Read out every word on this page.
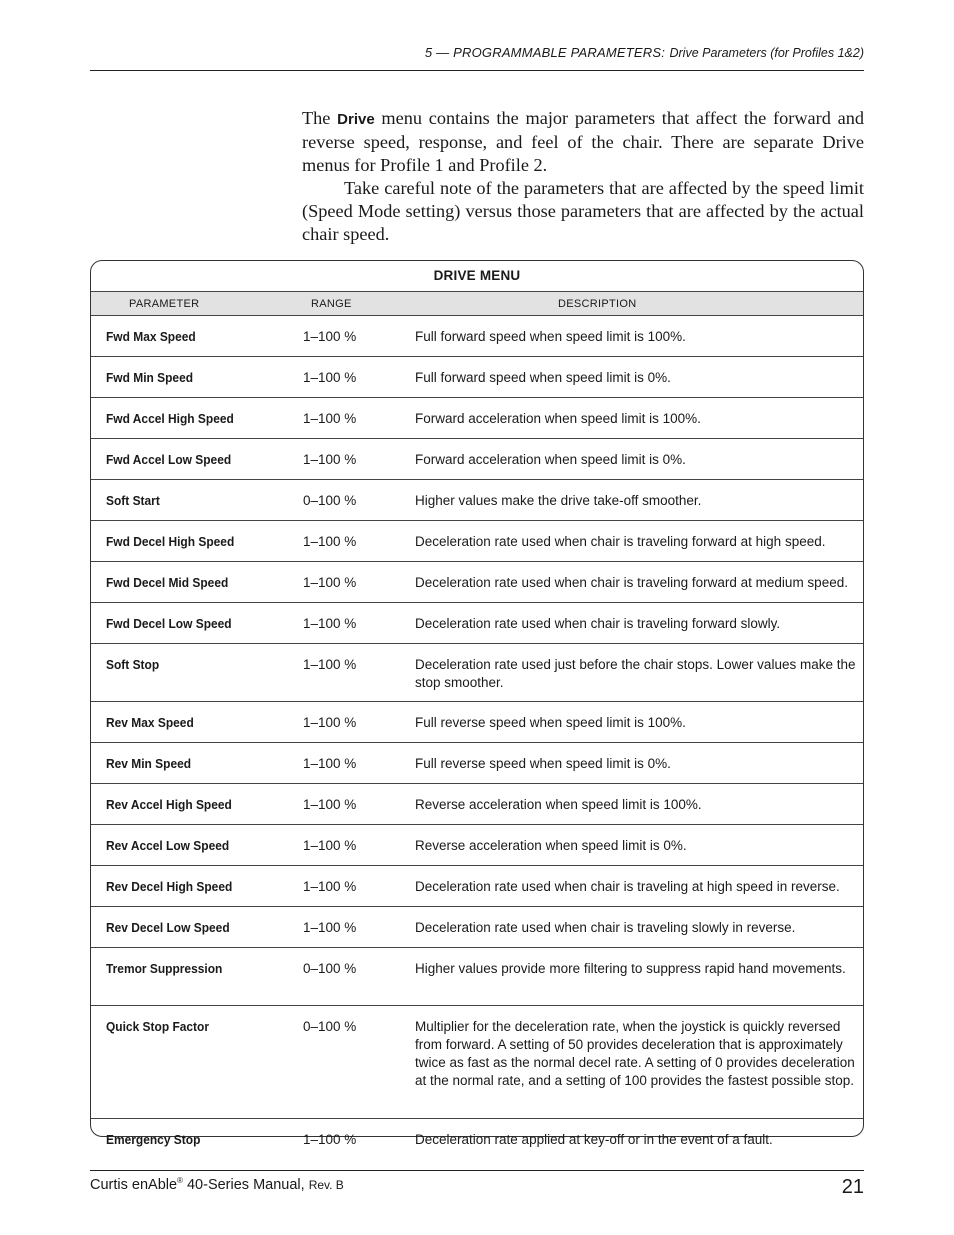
5 — PROGRAMMABLE PARAMETERS: Drive Parameters (for Profiles 1&2)

The Drive menu contains the major parameters that affect the forward and reverse speed, response, and feel of the chair. There are separate Drive menus for Profile 1 and Profile 2.

Take careful note of the parameters that are affected by the speed limit (Speed Mode setting) versus those parameters that are affected by the actual chair speed.

DRIVE MENU
PARAMETER	RANGE	DESCRIPTION
Fwd Max Speed	1–100 %	Full forward speed when speed limit is 100%.
Fwd Min Speed	1–100 %	Full forward speed when speed limit is 0%.
Fwd Accel High Speed	1–100 %	Forward acceleration when speed limit is 100%.
Fwd Accel Low Speed	1–100 %	Forward acceleration when speed limit is 0%.
Soft Start	0–100 %	Higher values make the drive take-off smoother.
Fwd Decel High Speed	1–100 %	Deceleration rate used when chair is traveling forward at high speed.
Fwd Decel Mid Speed	1–100 %	Deceleration rate used when chair is traveling forward at medium speed.
Fwd Decel Low Speed	1–100 %	Deceleration rate used when chair is traveling forward slowly.
Soft Stop	1–100 %	Deceleration rate used just before the chair stops. Lower values make the stop smoother.
Rev Max Speed	1–100 %	Full reverse speed when speed limit is 100%.
Rev Min Speed	1–100 %	Full reverse speed when speed limit is 0%.
Rev Accel High Speed	1–100 %	Reverse acceleration when speed limit is 100%.
Rev Accel Low Speed	1–100 %	Reverse acceleration when speed limit is 0%.
Rev Decel High Speed	1–100 %	Deceleration rate used when chair is traveling at high speed in reverse.
Rev Decel Low Speed	1–100 %	Deceleration rate used when chair is traveling slowly in reverse.
Tremor Suppression	0–100 %	Higher values provide more filtering to suppress rapid hand movements.
Quick Stop Factor	0–100 %	Multiplier for the deceleration rate, when the joystick is quickly reversed from forward. A setting of 50 provides deceleration that is approximately twice as fast as the normal decel rate. A setting of 0 provides deceleration at the normal rate, and a setting of 100 provides the fastest possible stop.
Emergency Stop	1–100 %	Deceleration rate applied at key-off or in the event of a fault.
Curtis enAble® 40-Series Manual, Rev. B	21
